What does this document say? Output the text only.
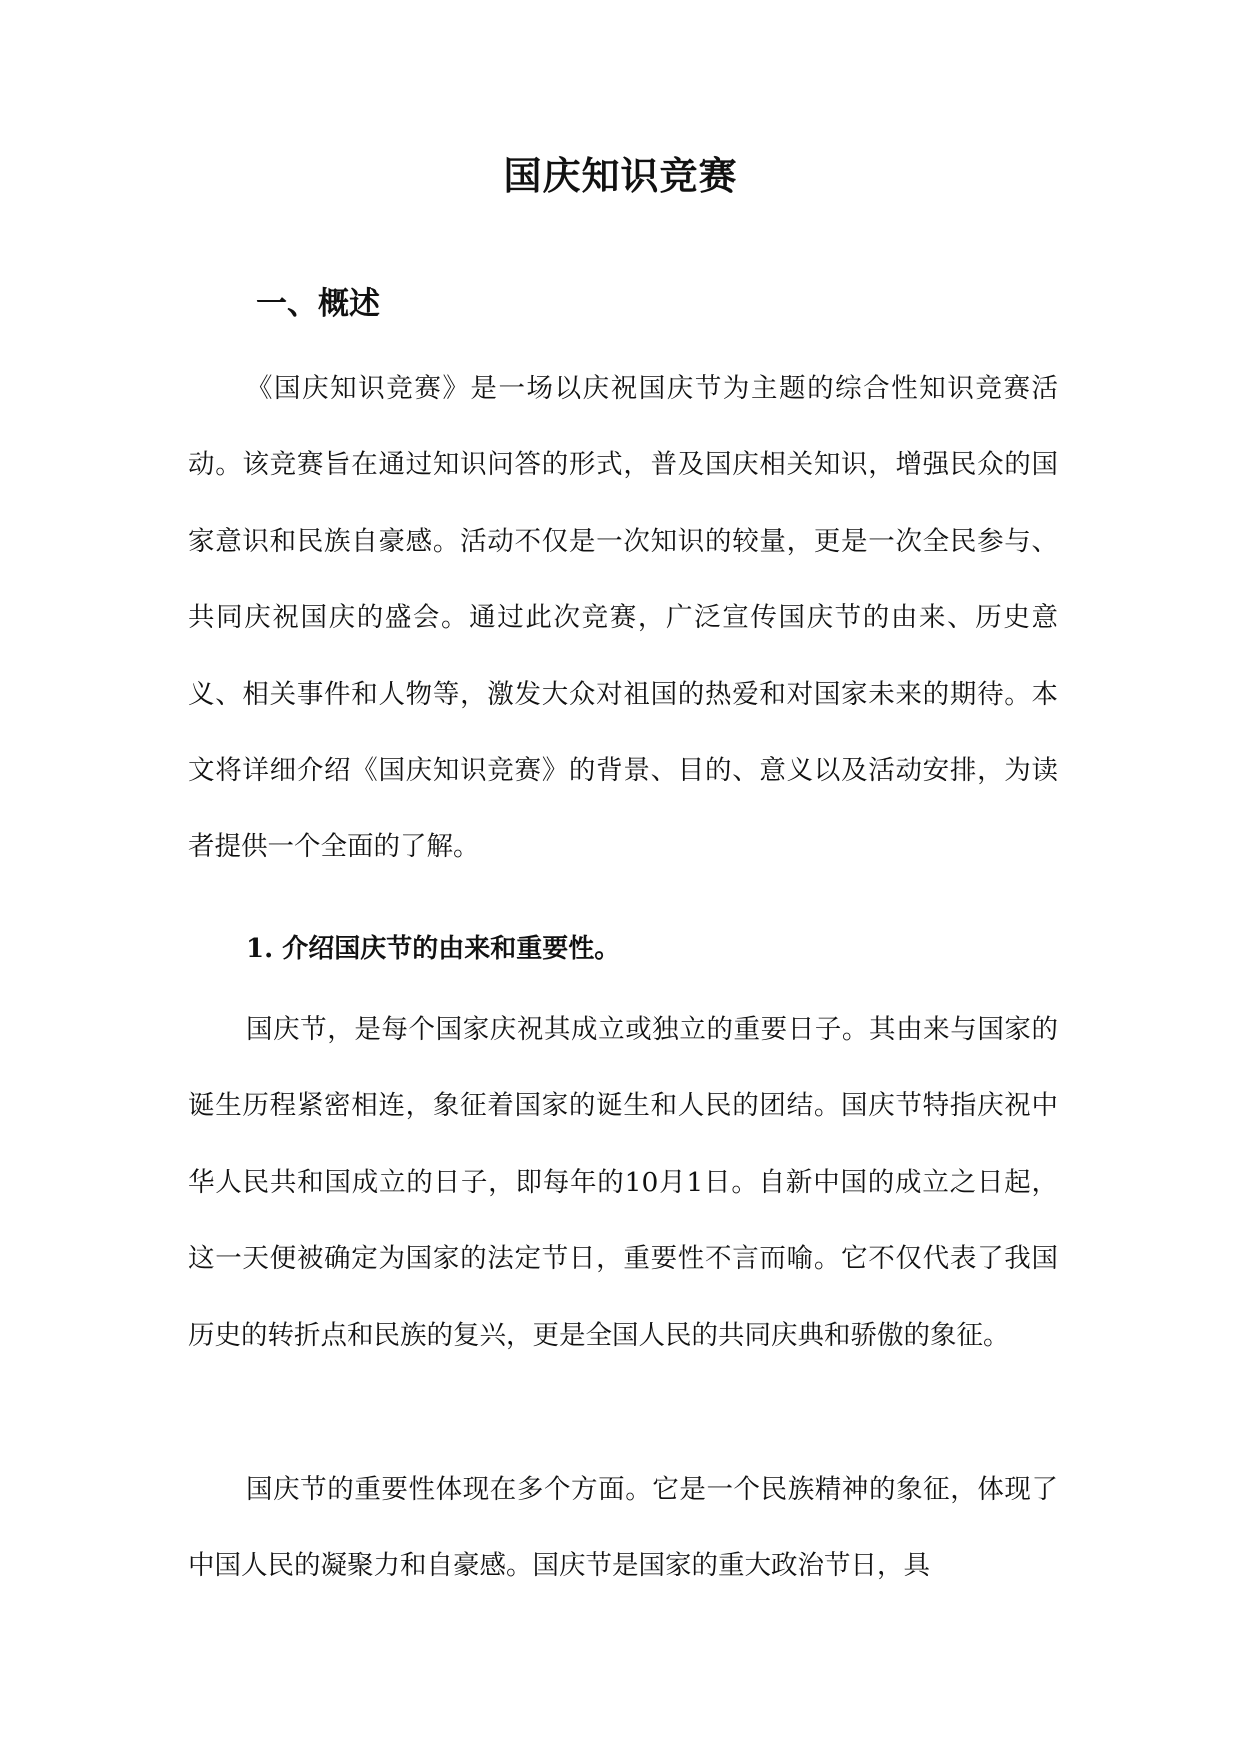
国庆知识竞赛
一、概述

《国庆知识竞赛》是一场以庆祝国庆节为主题的综合性知识竞赛活动。该竞赛旨在通过知识问答的形式，普及国庆相关知识，增强民众的国家意识和民族自豪感。活动不仅是一次知识的较量，更是一次全民参与、共同庆祝国庆的盛会。通过此次竞赛，广泛宣传国庆节的由来、历史意义、相关事件和人物等，激发大众对祖国的热爱和对国家未来的期待。本文将详细介绍《国庆知识竞赛》的背景、目的、意义以及活动安排，为读者提供一个全面的了解。

1. 介绍国庆节的由来和重要性。

国庆节，是每个国家庆祝其成立或独立的重要日子。其由来与国家的诞生历程紧密相连，象征着国家的诞生和人民的团结。国庆节特指庆祝中华人民共和国成立的日子，即每年的10月1日。自新中国的成立之日起，这一天便被确定为国家的法定节日，重要性不言而喻。它不仅代表了我国历史的转折点和民族的复兴，更是全国人民的共同庆典和骄傲的象征。

国庆节的重要性体现在多个方面。它是一个民族精神的象征，体现了中国人民的凝聚力和自豪感。国庆节是国家的重大政治节日，具
